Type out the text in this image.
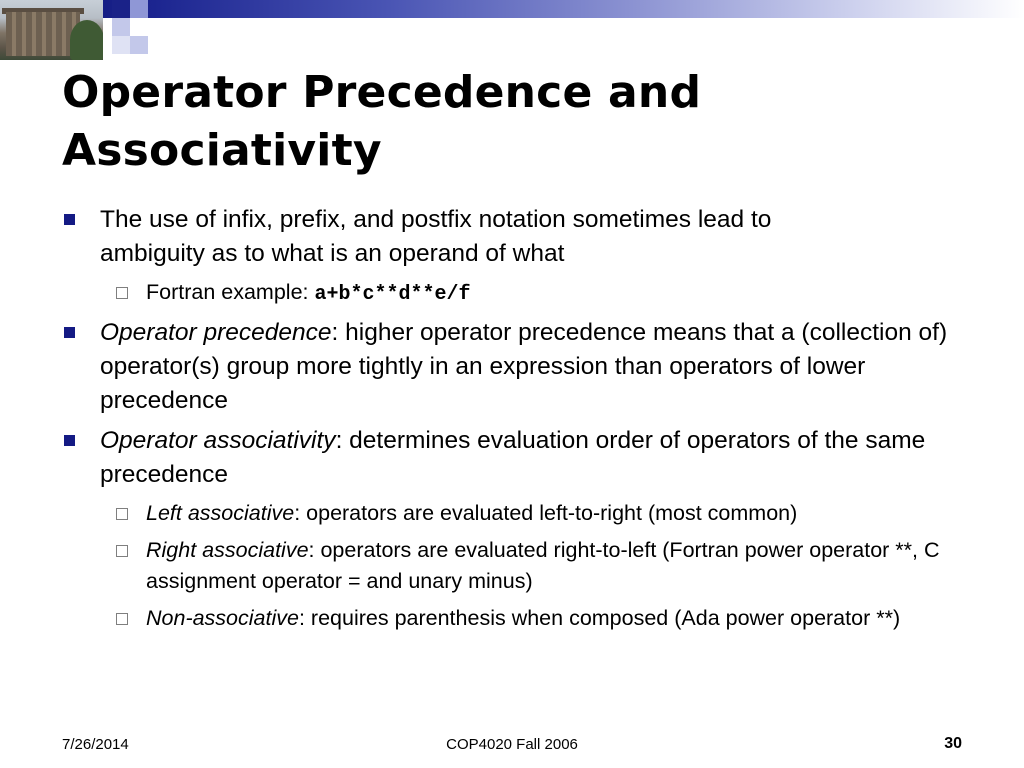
Operator Precedence and
Associativity

The use of infix, prefix, and postfix notation sometimes lead to
ambiguity as to what is an operand of what

Fortran example: a+b*c**d**e/f

Operator precedence: higher operator precedence means that a (collection of) operator(s) group more tightly in an expression than operators of lower precedence

Operator associativity: determines evaluation order of operators of the same precedence

Left associative: operators are evaluated left-to-right (most common)

Right associative: operators are evaluated right-to-left (Fortran power operator **, C assignment operator = and unary minus)

Non-associative: requires parenthesis when composed (Ada power operator **)

7/26/2014	COP4020 Fall 2006	30
